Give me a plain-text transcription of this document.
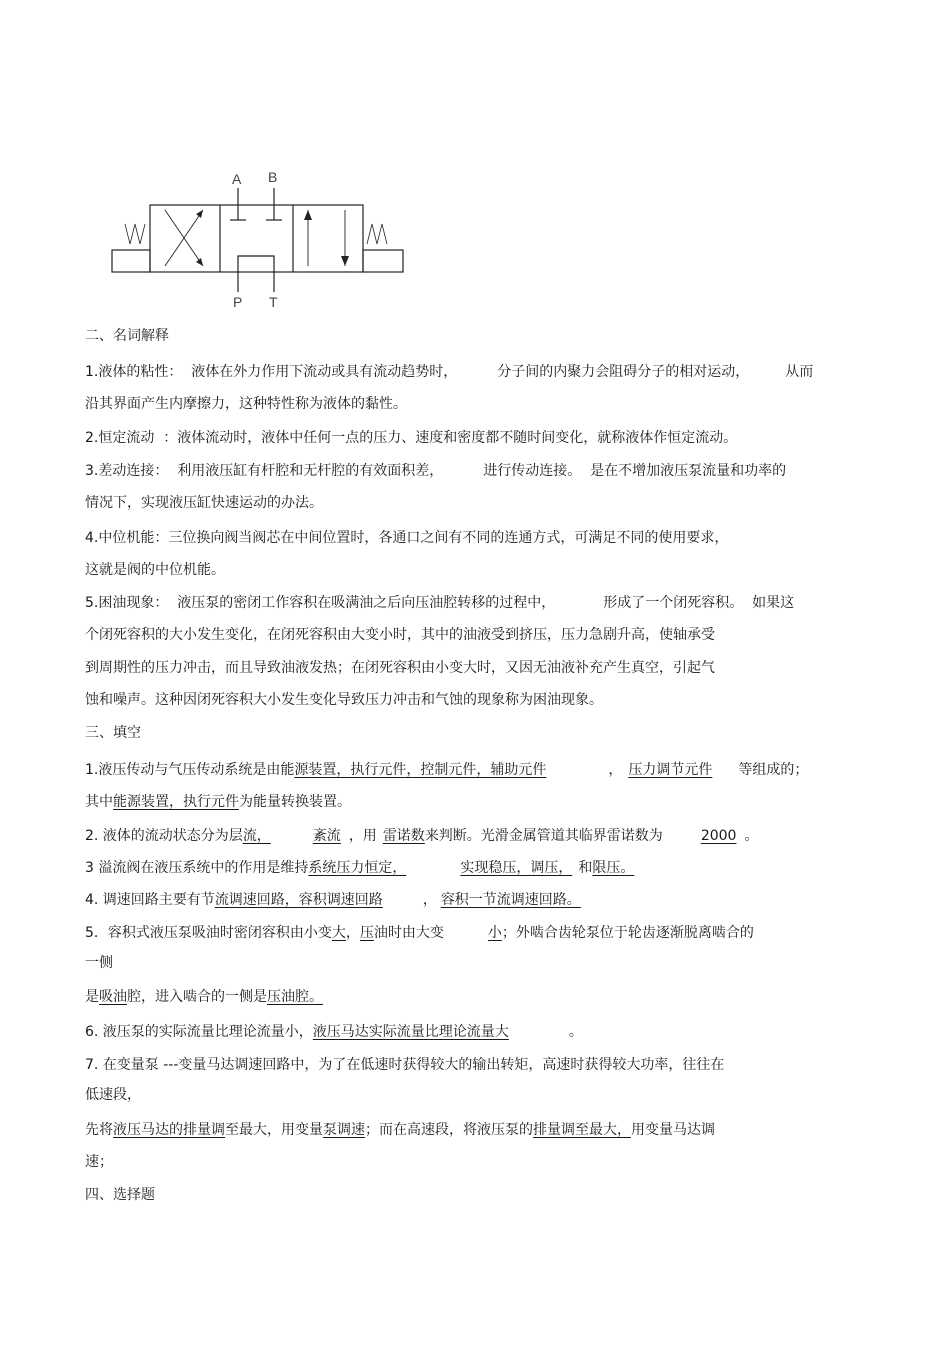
A B
P T
二、名词解释
1.液体的粘性：  液体在外力作用下流动或具有流动趋势时，	分子间的内聚力会阻碍分子的相对运动，	从而
沿其界面产生内摩擦力，这种特性称为液体的黏性。
2.恒定流动  ：液体流动时，液体中任何一点的压力、速度和密度都不随时间变化，就称液体作恒定流动。
3.差动连接：  利用液压缸有杆腔和无杆腔的有效面积差，	进行传动连接。  是在不增加液压泵流量和功率的
情况下，实现液压缸快速运动的办法。
4.中位机能：三位换向阀当阀芯在中间位置时，各通口之间有不同的连通方式，可满足不同的使用要求，
这就是阀的中位机能。
5.困油现象：  液压泵的密闭工作容积在吸满油之后向压油腔转移的过程中，	形成了一个闭死容积。  如果这
个闭死容积的大小发生变化，在闭死容积由大变小时，其中的油液受到挤压，压力急剧升高，使轴承受
到周期性的压力冲击，而且导致油液发热；在闭死容积由小变大时，又因无油液补充产生真空，引起气
蚀和噪声。这种因闭死容积大小发生变化导致压力冲击和气蚀的现象称为困油现象。
三、填空
1.液压传动与气压传动系统是由能源装置，执行元件，控制元件，辅助元件	， 压力调节元件 等组成的；
其中能源装置，执行元件为能量转换装置。
2. 液体的流动状态分为层流，	紊流 ，用 雷诺数来判断。光滑金属管道其临界雷诺数为	2000 。
3 溢流阀在液压系统中的作用是维持系统压力恒定，	实现稳压，调压， 和限压。
4. 调速回路主要有节流调速回路，容积调速回路	， 容积一节流调速回路。
5．容积式液压泵吸油时密闭容积由小变大，压油时由大变	小；外啮合齿轮泵位于轮齿逐渐脱离啮合的
一侧
是吸油腔，进入啮合的一侧是压油腔。
6. 液压泵的实际流量比理论流量小，液压马达实际流量比理论流量大	。
7. 在变量泵 ---变量马达调速回路中，为了在低速时获得较大的输出转矩，高速时获得较大功率，往往在
低速段，
先将液压马达的排量调至最大，用变量泵调速；而在高速段，将液压泵的排量调至最大，用变量马达调
速；
四、选择题
